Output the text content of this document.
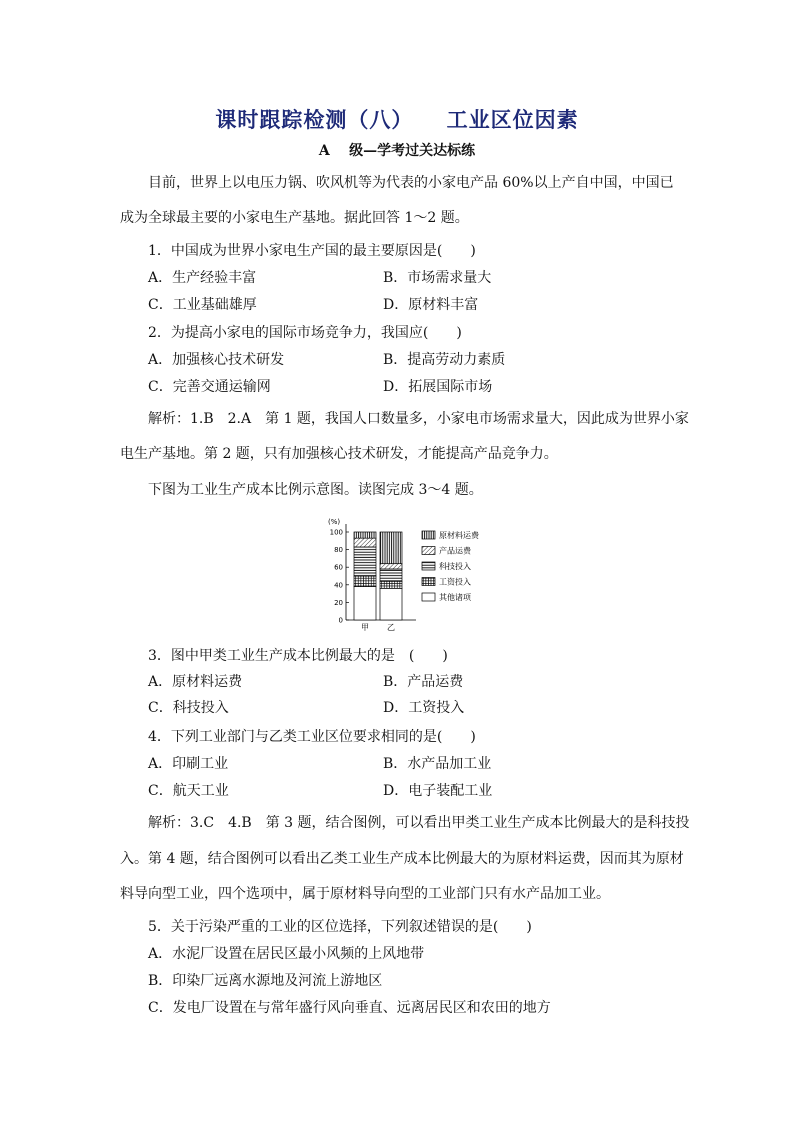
课时跟踪检测（八）    工业区位因素
A    级—学考过关达标练
目前，世界上以电压力锅、吹风机等为代表的小家电产品 60%以上产自中国，中国已
成为全球最主要的小家电生产基地。据此回答 1～2 题。
1．中国成为世界小家电生产国的最主要原因是(　　)
A．生产经验丰富	B．市场需求量大
C．工业基础雄厚	D．原材料丰富
2．为提高小家电的国际市场竞争力，我国应(　　)
A．加强核心技术研发	B．提高劳动力素质
C．完善交通运输网	D．拓展国际市场
解析：1.B　2.A　第 1 题，我国人口数量多，小家电市场需求量大，因此成为世界小家
电生产基地。第 2 题，只有加强核心技术研发，才能提高产品竞争力。
下图为工业生产成本比例示意图。读图完成 3～4 题。
(%)
0
20
40
60
80
100
甲 乙
原材料运费
产品运费
科技投入
工资投入
其他诸项
3．图中甲类工业生产成本比例最大的是　(　　)
A．原材料运费	B．产品运费
C．科技投入	D．工资投入
4．下列工业部门与乙类工业区位要求相同的是(　　)
A．印刷工业	B．水产品加工业
C．航天工业	D．电子装配工业
解析：3.C　4.B　第 3 题，结合图例，可以看出甲类工业生产成本比例最大的是科技投
入。第 4 题，结合图例可以看出乙类工业生产成本比例最大的为原材料运费，因而其为原材
料导向型工业，四个选项中，属于原材料导向型的工业部门只有水产品加工业。
5．关于污染严重的工业的区位选择，下列叙述错误的是(　　)
A．水泥厂设置在居民区最小风频的上风地带
B．印染厂远离水源地及河流上游地区
C．发电厂设置在与常年盛行风向垂直、远离居民区和农田的地方
